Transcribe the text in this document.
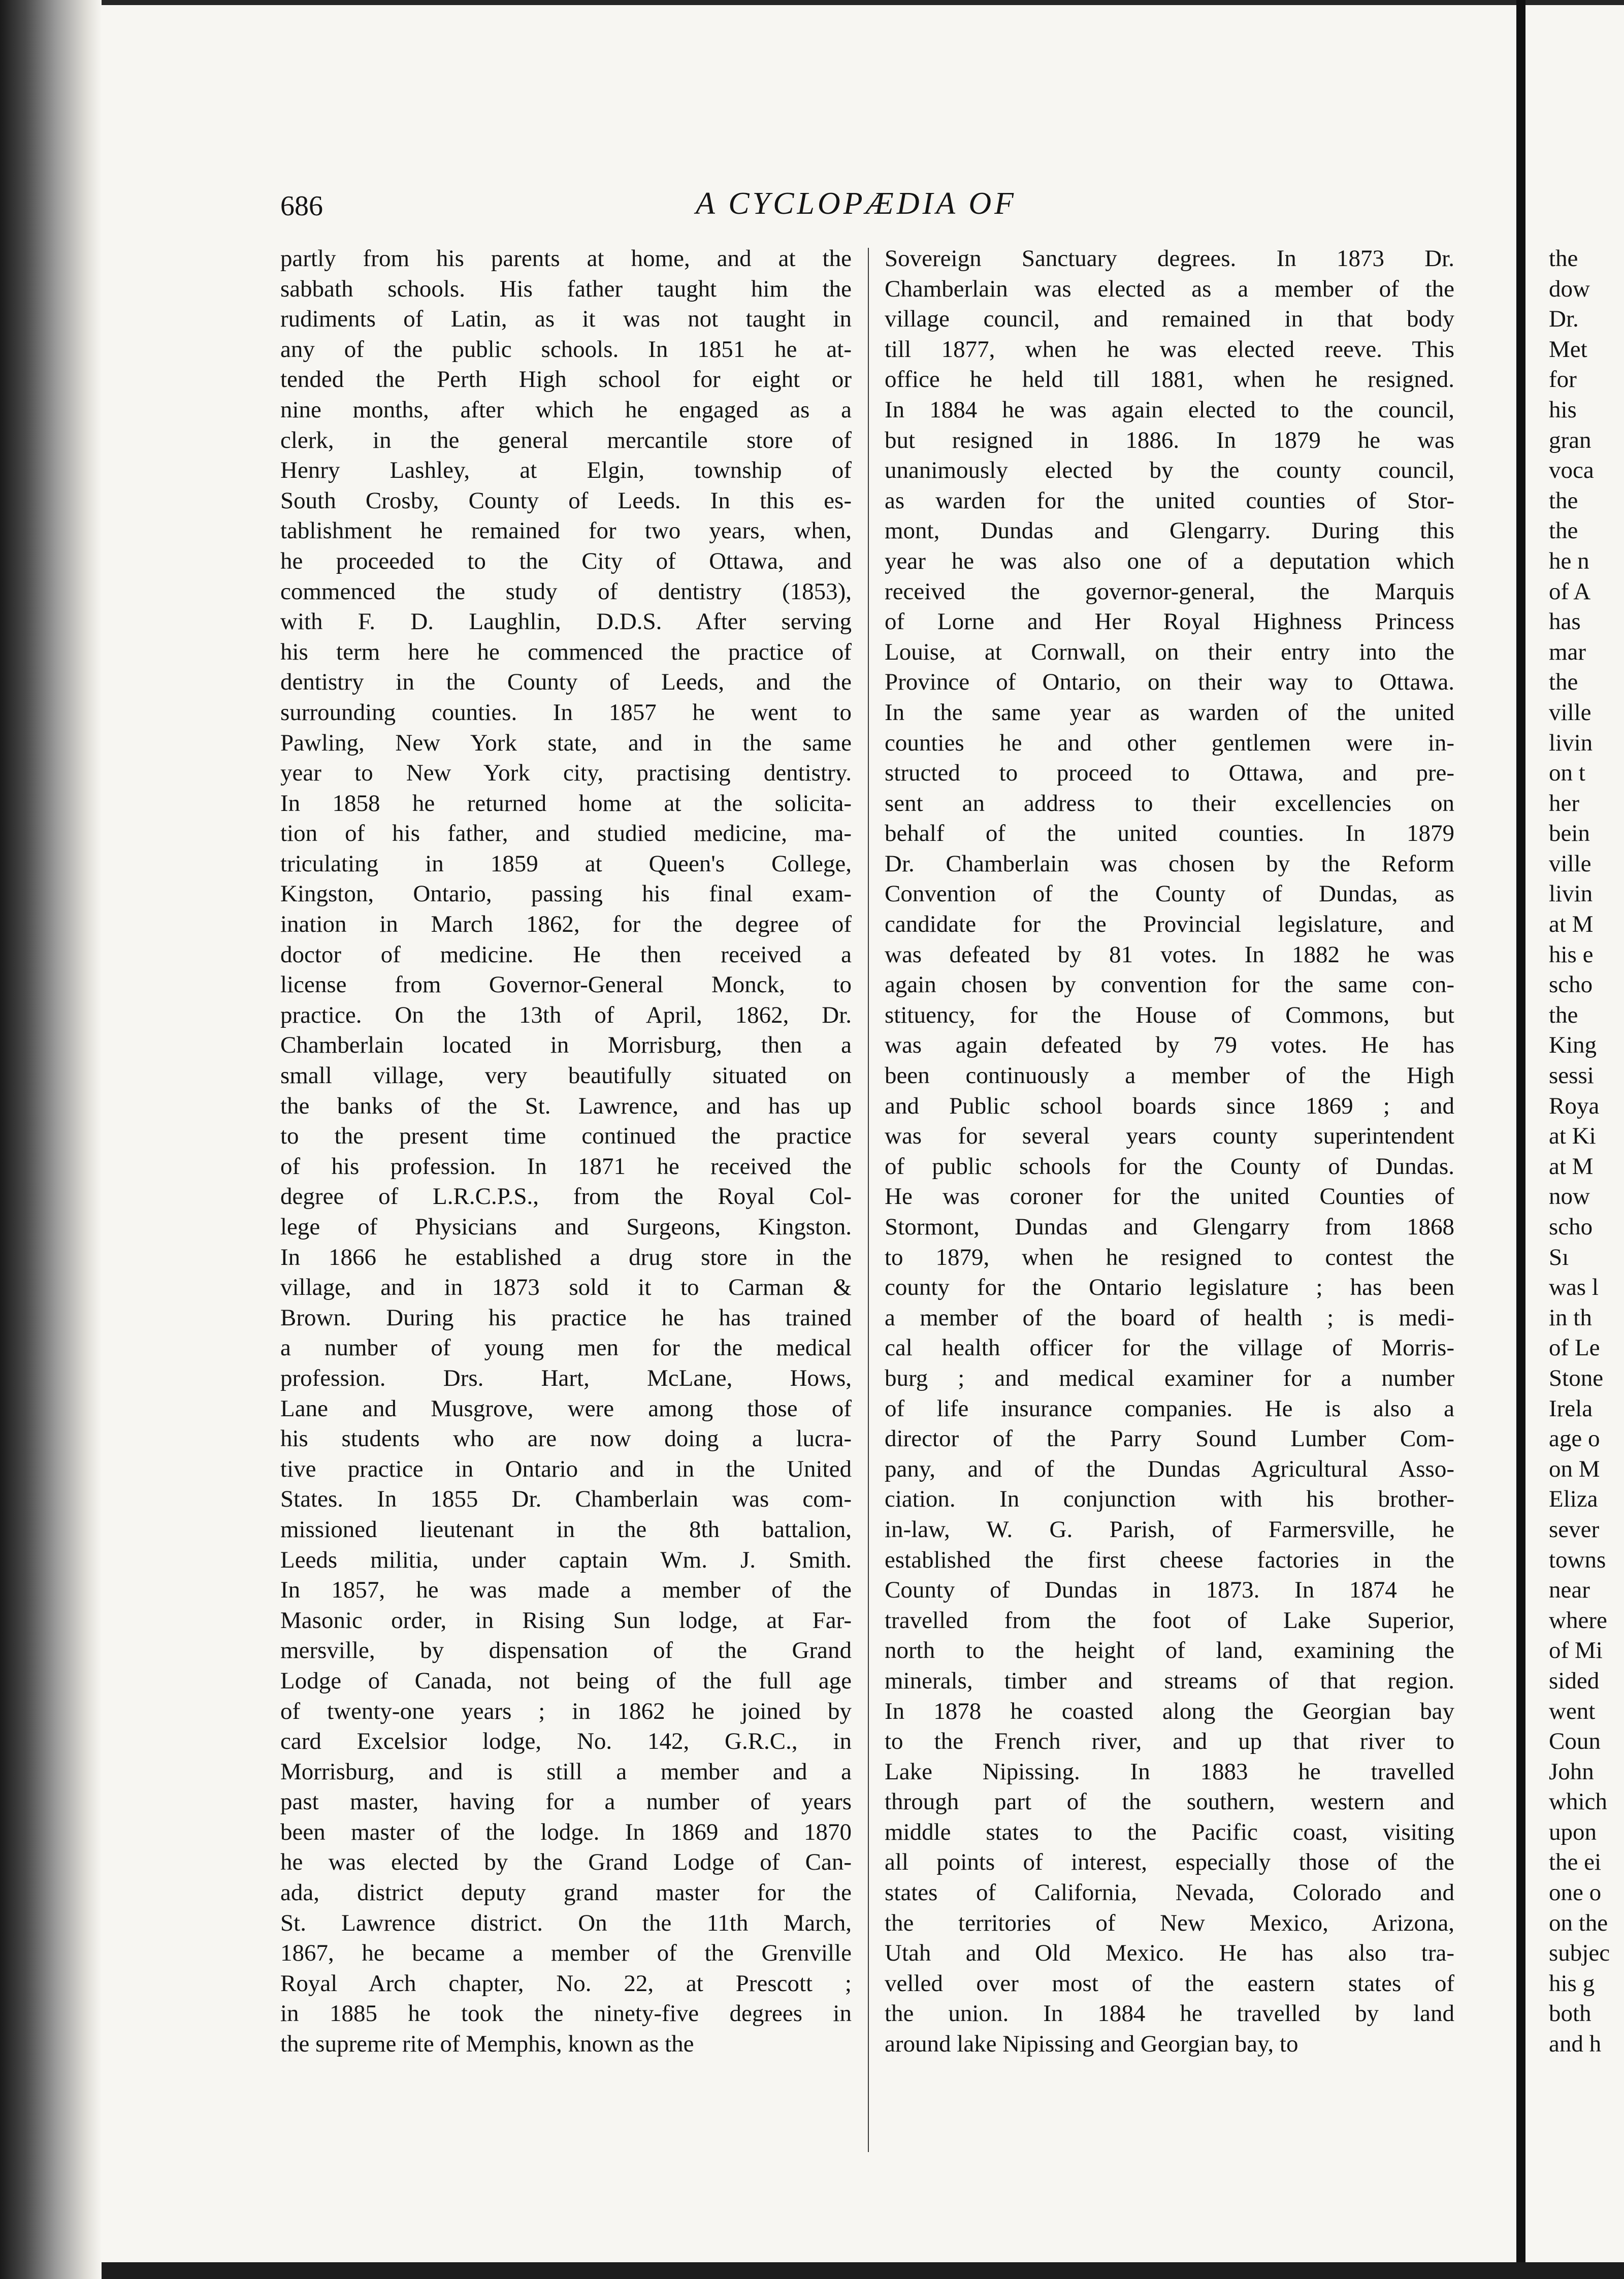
686	A CYCLOPÆDIA OF
partly from his parents at home, and at the
sabbath schools. His father taught him the
rudiments of Latin, as it was not taught in
any of the public schools. In 1851 he at-
tended the Perth High school for eight or
nine months, after which he engaged as a
clerk, in the general mercantile store of
Henry Lashley, at Elgin, township of
South Crosby, County of Leeds. In this es-
tablishment he remained for two years, when,
he proceeded to the City of Ottawa, and
commenced the study of dentistry (1853),
with F. D. Laughlin, D.D.S. After serving
his term here he commenced the practice of
dentistry in the County of Leeds, and the
surrounding counties. In 1857 he went to
Pawling, New York state, and in the same
year to New York city, practising dentistry.
In 1858 he returned home at the solicita-
tion of his father, and studied medicine, ma-
triculating in 1859 at Queen's College,
Kingston, Ontario, passing his final exam-
ination in March 1862, for the degree of
doctor of medicine. He then received a
license from Governor-General Monck, to
practice. On the 13th of April, 1862, Dr.
Chamberlain located in Morrisburg, then a
small village, very beautifully situated on
the banks of the St. Lawrence, and has up
to the present time continued the practice
of his profession. In 1871 he received the
degree of L.R.C.P.S., from the Royal Col-
lege of Physicians and Surgeons, Kingston.
In 1866 he established a drug store in the
village, and in 1873 sold it to Carman &
Brown. During his practice he has trained
a number of young men for the medical
profession. Drs. Hart, McLane, Hows,
Lane and Musgrove, were among those of
his students who are now doing a lucra-
tive practice in Ontario and in the United
States. In 1855 Dr. Chamberlain was com-
missioned lieutenant in the 8th battalion,
Leeds militia, under captain Wm. J. Smith.
In 1857, he was made a member of the
Masonic order, in Rising Sun lodge, at Far-
mersville, by dispensation of the Grand
Lodge of Canada, not being of the full age
of twenty-one years ; in 1862 he joined by
card Excelsior lodge, No. 142, G.R.C., in
Morrisburg, and is still a member and a
past master, having for a number of years
been master of the lodge. In 1869 and 1870
he was elected by the Grand Lodge of Can-
ada, district deputy grand master for the
St. Lawrence district. On the 11th March,
1867, he became a member of the Grenville
Royal Arch chapter, No. 22, at Prescott ;
in 1885 he took the ninety-five degrees in
the supreme rite of Memphis, known as the
Sovereign Sanctuary degrees. In 1873 Dr.
Chamberlain was elected as a member of the
village council, and remained in that body
till 1877, when he was elected reeve. This
office he held till 1881, when he resigned.
In 1884 he was again elected to the council,
but resigned in 1886. In 1879 he was
unanimously elected by the county council,
as warden for the united counties of Stor-
mont, Dundas and Glengarry. During this
year he was also one of a deputation which
received the governor-general, the Marquis
of Lorne and Her Royal Highness Princess
Louise, at Cornwall, on their entry into the
Province of Ontario, on their way to Ottawa.
In the same year as warden of the united
counties he and other gentlemen were in-
structed to proceed to Ottawa, and pre-
sent an address to their excellencies on
behalf of the united counties. In 1879
Dr. Chamberlain was chosen by the Reform
Convention of the County of Dundas, as
candidate for the Provincial legislature, and
was defeated by 81 votes. In 1882 he was
again chosen by convention for the same con-
stituency, for the House of Commons, but
was again defeated by 79 votes. He has
been continuously a member of the High
and Public school boards since 1869 ; and
was for several years county superintendent
of public schools for the County of Dundas.
He was coroner for the united Counties of
Stormont, Dundas and Glengarry from 1868
to 1879, when he resigned to contest the
county for the Ontario legislature ; has been
a member of the board of health ; is medi-
cal health officer for the village of Morris-
burg ; and medical examiner for a number
of life insurance companies. He is also a
director of the Parry Sound Lumber Com-
pany, and of the Dundas Agricultural Asso-
ciation. In conjunction with his brother-
in-law, W. G. Parish, of Farmersville, he
established the first cheese factories in the
County of Dundas in 1873. In 1874 he
travelled from the foot of Lake Superior,
north to the height of land, examining the
minerals, timber and streams of that region.
In 1878 he coasted along the Georgian bay
to the French river, and up that river to
Lake Nipissing. In 1883 he travelled
through part of the southern, western and
middle states to the Pacific coast, visiting
all points of interest, especially those of the
states of California, Nevada, Colorado and
the territories of New Mexico, Arizona,
Utah and Old Mexico. He has also tra-
velled over most of the eastern states of
the union. In 1884 he travelled by land
around lake Nipissing and Georgian bay, to
the
dow
Dr.
Met
for
his
gran
voca
the
the
he n
of A
has
mar
the
ville
livin
on t
her
bein
ville
livin
at M
his e
scho
the
King
sessi
Roya
at Ki
at M
now
scho
Sı
was l
in th
of Le
Stone
Irela
age o
on M
Eliza
sever
towns
near
where
of Mi
sided
went
Coun
John
which
upon
the ei
one o
on the
subjec
his g
both
and h
